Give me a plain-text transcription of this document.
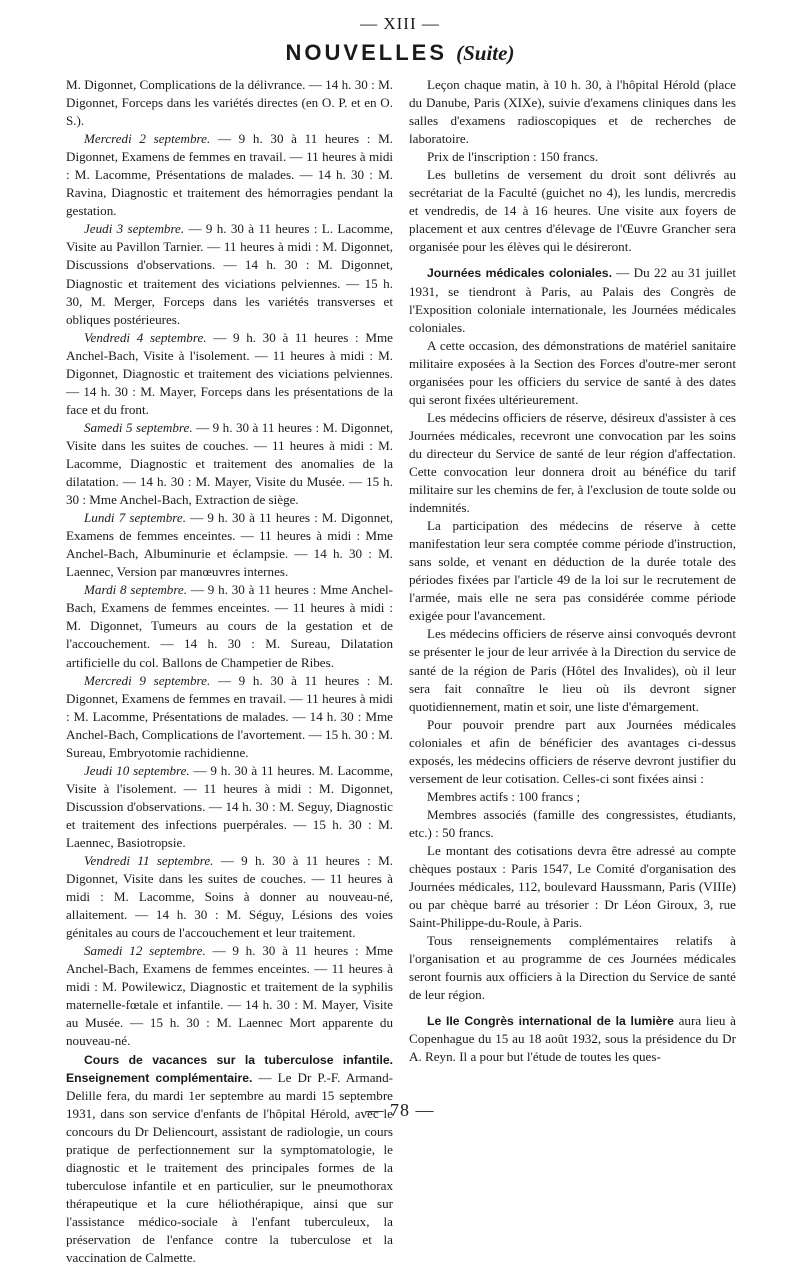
— XIII —
NOUVELLES (Suite)

M. Digonnet, Complications de la délivrance. — 14 h. 30 : M. Digonnet, Forceps dans les variétés directes (en O. P. et en O. S.).

Mercredi 2 septembre. — 9 h. 30 à 11 heures : M. Digonnet, Examens de femmes en travail. — 11 heures à midi : M. Lacomme, Présentations de malades. — 14 h. 30 : M. Ravina, Diagnostic et traitement des hémorragies pendant la gestation.

Jeudi 3 septembre. — 9 h. 30 à 11 heures : L. Lacomme, Visite au Pavillon Tarnier. — 11 heures à midi : M. Digonnet, Discussions d'observations. — 14 h. 30 : M. Digonnet, Diagnostic et traitement des viciations pelviennes. — 15 h. 30, M. Merger, Forceps dans les variétés transverses et obliques postérieures.

Vendredi 4 septembre. — 9 h. 30 à 11 heures : Mme Anchel-Bach, Visite à l'isolement. — 11 heures à midi : M. Digonnet, Diagnostic et traitement des viciations pelviennes. — 14 h. 30 : M. Mayer, Forceps dans les présentations de la face et du front.

Samedi 5 septembre. — 9 h. 30 à 11 heures : M. Digonnet, Visite dans les suites de couches. — 11 heures à midi : M. Lacomme, Diagnostic et traitement des anomalies de la dilatation. — 14 h. 30 : M. Mayer, Visite du Musée. — 15 h. 30 : Mme Anchel-Bach, Extraction de siège.

Lundi 7 septembre. — 9 h. 30 à 11 heures : M. Digonnet, Examens de femmes enceintes. — 11 heures à midi : Mme Anchel-Bach, Albuminurie et éclampsie. — 14 h. 30 : M. Laennec, Version par manœuvres internes.

Mardi 8 septembre. — 9 h. 30 à 11 heures : Mme Anchel-Bach, Examens de femmes enceintes. — 11 heures à midi : M. Digonnet, Tumeurs au cours de la gestation et de l'accouchement. — 14 h. 30 : M. Sureau, Dilatation artificielle du col. Ballons de Champetier de Ribes.

Mercredi 9 septembre. — 9 h. 30 à 11 heures : M. Digonnet, Examens de femmes en travail. — 11 heures à midi : M. Lacomme, Présentations de malades. — 14 h. 30 : Mme Anchel-Bach, Complications de l'avortement. — 15 h. 30 : M. Sureau, Embryotomie rachidienne.

Jeudi 10 septembre. — 9 h. 30 à 11 heures. M. Lacomme, Visite à l'isolement. — 11 heures à midi : M. Digonnet, Discussion d'observations. — 14 h. 30 : M. Seguy, Diagnostic et traitement des infections puerpérales. — 15 h. 30 : M. Laennec, Basiotropsie.

Vendredi 11 septembre. — 9 h. 30 à 11 heures : M. Digonnet, Visite dans les suites de couches. — 11 heures à midi : M. Lacomme, Soins à donner au nouveau-né, allaitement. — 14 h. 30 : M. Séguy, Lésions des voies génitales au cours de l'accouchement et leur traitement.

Samedi 12 septembre. — 9 h. 30 à 11 heures : Mme Anchel-Bach, Examens de femmes enceintes. — 11 heures à midi : M. Powilewicz, Diagnostic et traitement de la syphilis maternelle-fœtale et infantile. — 14 h. 30 : M. Mayer, Visite au Musée. — 15 h. 30 : M. Laennec Mort apparente du nouveau-né.

Cours de vacances sur la tuberculose infantile. Enseignement complémentaire. — Le Dr P.-F. Armand-Delille fera, du mardi 1er septembre au mardi 15 septembre 1931, dans son service d'enfants de l'hôpital Hérold, avec le concours du Dr Deliencourt, assistant de radiologie, un cours pratique de perfectionnement sur la symptomatologie, le diagnostic et le traitement des principales formes de la tuberculose infantile et en particulier, sur le pneumothorax thérapeutique et la cure héliothérapique, ainsi que sur l'assistance médico-sociale à l'enfant tuberculeux, la préservation de l'enfance contre la tuberculose et la vaccination de Calmette.

Leçon chaque matin, à 10 h. 30, à l'hôpital Hérold (place du Danube, Paris (XIXe), suivie d'examens cliniques dans les salles d'examens radioscopiques et de recherches de laboratoire.

Prix de l'inscription : 150 francs.

Les bulletins de versement du droit sont délivrés au secrétariat de la Faculté (guichet no 4), les lundis, mercredis et vendredis, de 14 à 16 heures. Une visite aux foyers de placement et aux centres d'élevage de l'Œuvre Grancher sera organisée pour les élèves qui le désireront.

Journées médicales coloniales. — Du 22 au 31 juillet 1931, se tiendront à Paris, au Palais des Congrès de l'Exposition coloniale internationale, les Journées médicales coloniales.

A cette occasion, des démonstrations de matériel sanitaire militaire exposées à la Section des Forces d'outre-mer seront organisées pour les officiers du service de santé à des dates qui seront fixées ultérieurement.

Les médecins officiers de réserve, désireux d'assister à ces Journées médicales, recevront une convocation par les soins du directeur du Service de santé de leur région d'affectation. Cette convocation leur donnera droit au bénéfice du tarif militaire sur les chemins de fer, à l'exclusion de toute solde ou indemnités.

La participation des médecins de réserve à cette manifestation leur sera comptée comme période d'instruction, sans solde, et venant en déduction de la durée totale des périodes fixées par l'article 49 de la loi sur le recrutement de l'armée, mais elle ne sera pas considérée comme période exigée pour l'avancement.

Les médecins officiers de réserve ainsi convoqués devront se présenter le jour de leur arrivée à la Direction du service de santé de la région de Paris (Hôtel des Invalides), où il leur sera fait connaître le lieu où ils devront signer quotidiennement, matin et soir, une liste d'émargement.

Pour pouvoir prendre part aux Journées médicales coloniales et afin de bénéficier des avantages ci-dessus exposés, les médecins officiers de réserve devront justifier du versement de leur cotisation. Celles-ci sont fixées ainsi :

Membres actifs : 100 francs ;

Membres associés (famille des congressistes, étudiants, etc.) : 50 francs.

Le montant des cotisations devra être adressé au compte chèques postaux : Paris 1547, Le Comité d'organisation des Journées médicales, 112, boulevard Haussmann, Paris (VIIIe) ou par chèque barré au trésorier : Dr Léon Giroux, 3, rue Saint-Philippe-du-Roule, à Paris.

Tous renseignements complémentaires relatifs à l'organisation et au programme de ces Journées médicales seront fournis aux officiers à la Direction du Service de santé de leur région.

Le IIe Congrès international de la lumière aura lieu à Copenhague du 15 au 18 août 1932, sous la présidence du Dr A. Reyn. Il a pour but l'étude de toutes les ques-

— 78 —
